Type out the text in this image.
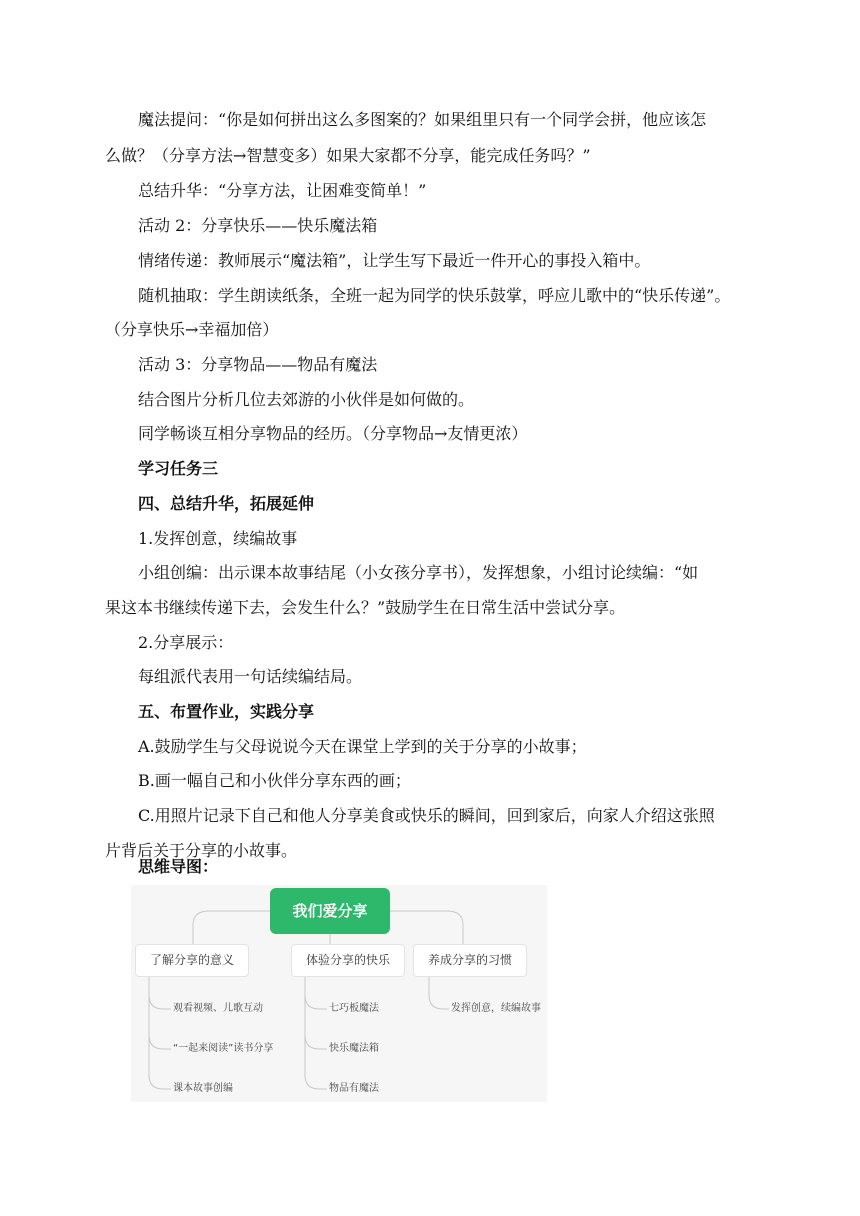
魔法提问：“你是如何拼出这么多图案的？如果组里只有一个同学会拼，他应该怎
么做？（分享方法→智慧变多）如果大家都不分享，能完成任务吗？”
总结升华：“分享方法，让困难变简单！”
活动 2：分享快乐——快乐魔法箱
情绪传递：教师展示“魔法箱”，让学生写下最近一件开心的事投入箱中。
随机抽取：学生朗读纸条，全班一起为同学的快乐鼓掌，呼应儿歌中的“快乐传递”。
（分享快乐→幸福加倍）
活动 3：分享物品——物品有魔法
结合图片分析几位去郊游的小伙伴是如何做的。
同学畅谈互相分享物品的经历。（分享物品→友情更浓）
学习任务三
四、总结升华，拓展延伸
1.发挥创意，续编故事
小组创编：出示课本故事结尾（小女孩分享书），发挥想象，小组讨论续编：“如
果这本书继续传递下去，会发生什么？”鼓励学生在日常生活中尝试分享。
2.分享展示：
每组派代表用一句话续编结局。
五、布置作业，实践分享
A.鼓励学生与父母说说今天在课堂上学到的关于分享的小故事；
B.画一幅自己和小伙伴分享东西的画；
C.用照片记录下自己和他人分享美食或快乐的瞬间，回到家后，向家人介绍这张照
片背后关于分享的小故事。
思维导图：
我们爱分享
了解分享的意义	体验分享的快乐	养成分享的习惯
观看视频、儿歌互动
“一起来阅读”读书分享
课本故事创编
七巧板魔法
快乐魔法箱
物品有魔法
发挥创意，续编故事
